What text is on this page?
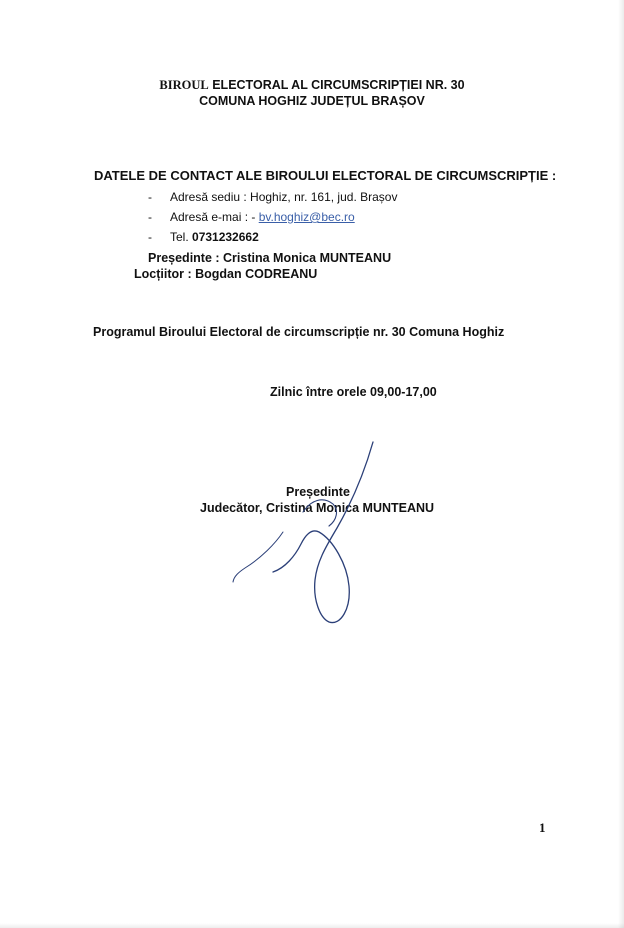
BIROUL ELECTORAL AL CIRCUMSCRIPȚIEI NR. 30
COMUNA HOGHIZ JUDEȚUL BRAȘOV
DATELE DE CONTACT ALE BIROULUI ELECTORAL DE CIRCUMSCRIPȚIE :
- Adresă sediu : Hoghiz, nr. 161, jud. Brașov
- Adresă e-mai : - bv.hoghiz@bec.ro
- Tel. 0731232662
Președinte : Cristina Monica MUNTEANU
Locțiitor : Bogdan CODREANU
Programul Biroului Electoral de circumscripție nr. 30 Comuna Hoghiz
Zilnic între orele 09,00-17,00
Președinte
Judecător, Cristina Monica MUNTEANU
1
